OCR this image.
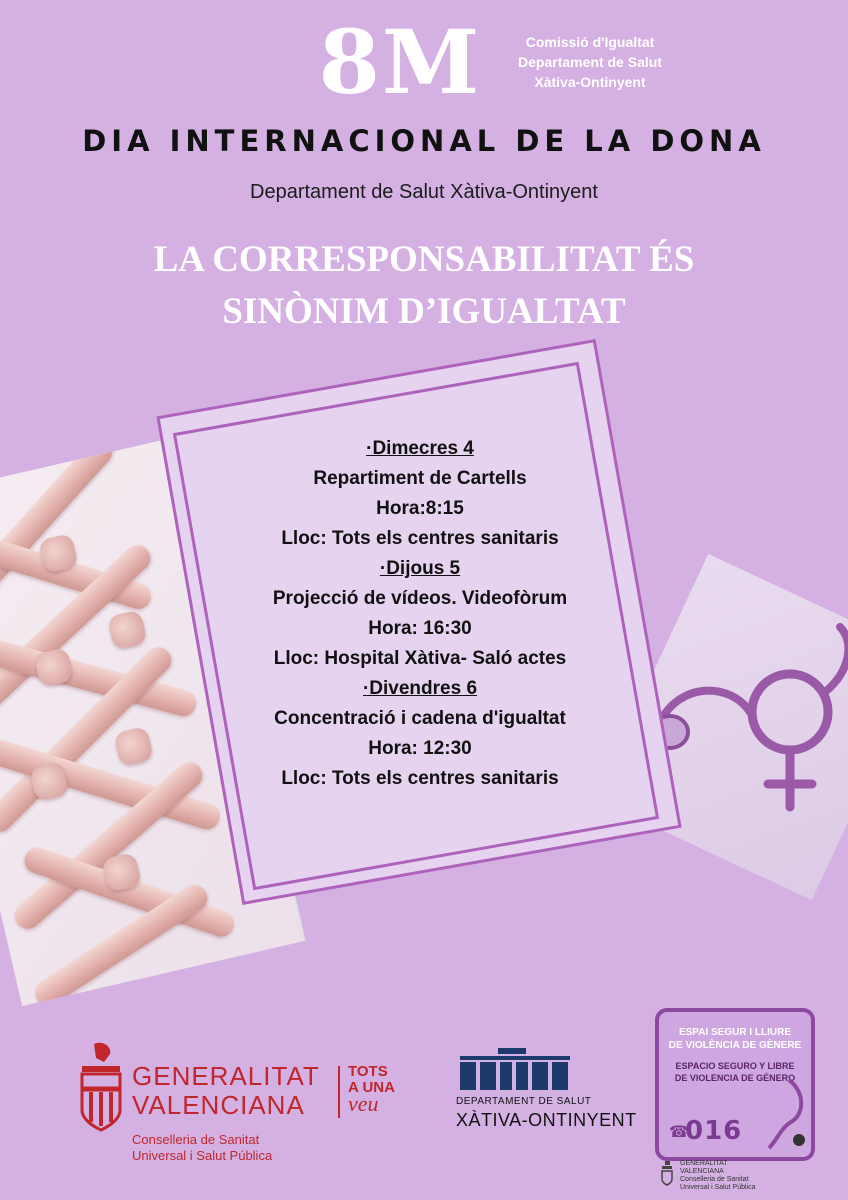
8M	Comissió d'Igualtat
Departament de Salut
Xàtiva-Ontinyent
DIA INTERNACIONAL DE LA DONA
Departament de Salut Xàtiva-Ontinyent
LA CORRESPONSABILITAT ÉS
SINÒNIM D’IGUALTAT
·Dimecres 4
Repartiment de Cartells
Hora:8:15
Lloc: Tots els centres sanitaris
·Dijous 5
Projecció de vídeos. Videofòrum
Hora: 16:30
Lloc: Hospital Xàtiva- Saló actes
·Divendres 6
Concentració i cadena d'igualtat
Hora: 12:30
Lloc: Tots els centres sanitaris
GENERALITAT
VALENCIANA
TOTS
A UNA
veu
Conselleria de Sanitat
Universal i Salut Pública
DEPARTAMENT DE SALUT
XÀTIVA-ONTINYENT
ESPAI SEGUR I LLIURE
DE VIOLÈNCIA DE GÈNERE
ESPACIO SEGURO Y LIBRE
DE VIOLENCIA DE GÉNERO
☎
016
GENERALITAT
VALENCIANA
Conselleria de Sanitat
Universal i Salut Pública
